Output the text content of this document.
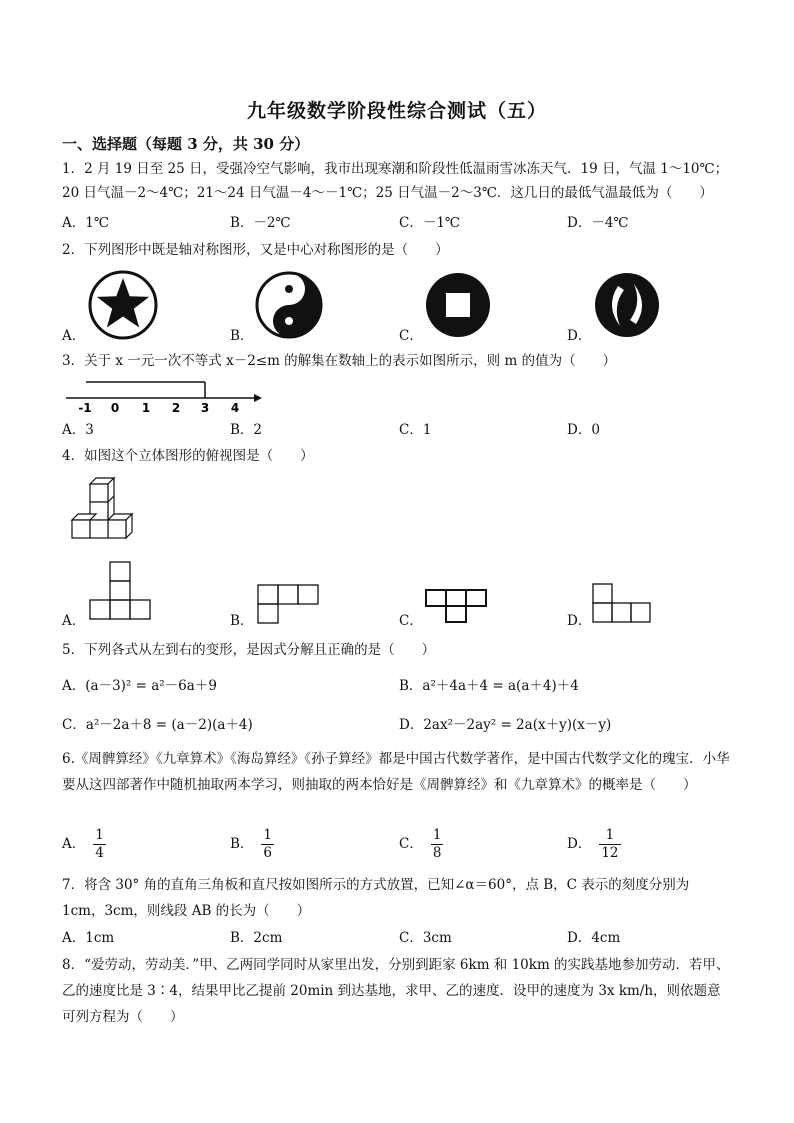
九年级数学阶段性综合测试（五）
一、选择题（每题 3 分，共 30 分）
1．2 月 19 日至 25 日，受强冷空气影响，我市出现寒潮和阶段性低温雨雪冰冻天气．19 日，气温 1～10℃；20 日气温－2～4℃；21～24 日气温－4～－1℃；25 日气温－2～3℃．这几日的最低气温最低为（　　）
A．1℃	B．－2℃	C．－1℃	D．－4℃
2．下列图形中既是轴对称图形，又是中心对称图形的是（　　）
A．	B．	C．	D．
3．关于 x 一元一次不等式 x－2≤m 的解集在数轴上的表示如图所示，则 m 的值为（　　）
-1 0 1 2 3 4
A．3	B．2	C．1	D．0
4．如图这个立体图形的俯视图是（　　）
A．	B．	C．	D．
5．下列各式从左到右的变形，是因式分解且正确的是（　　）
A．(a－3)² = a²－6a＋9	B．a²＋4a＋4 = a(a＋4)＋4
C．a²－2a＋8 = (a－2)(a＋4)	D．2ax²－2ay² = 2a(x＋y)(x－y)
6.《周髀算经》《九章算术》《海岛算经》《孙子算经》都是中国古代数学著作，是中国古代数学文化的瑰宝．小华要从这四部著作中随机抽取两本学习，则抽取的两本恰好是《周髀算经》和《九章算术》的概率是（　　）
A． $\frac{1}{4}$	B． $\frac{1}{6}$	C． $\frac{1}{8}$	D． $\frac{1}{12}$
7．将含 30° 角的直角三角板和直尺按如图所示的方式放置，已知∠α＝60°，点 B，C 表示的刻度分别为 1cm，3cm，则线段 AB 的长为（　　）
A．1cm	B．2cm	C．3cm	D．4cm
8．“爱劳动，劳动美．”甲、乙两同学同时从家里出发，分别到距家 6km 和 10km 的实践基地参加劳动．若甲、乙的速度比是 3∶4，结果甲比乙提前 20min 到达基地，求甲、乙的速度．设甲的速度为 3x km/h，则依题意可列方程为（　　）
